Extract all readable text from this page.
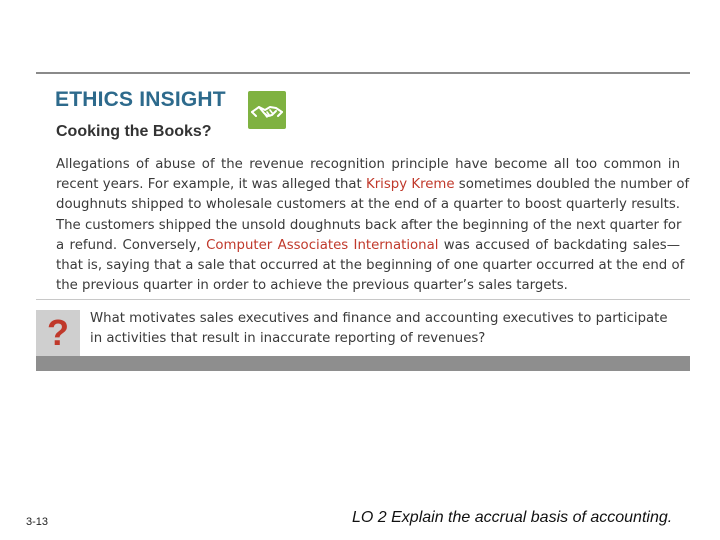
ETHICS INSIGHT
Cooking the Books?
Allegations of abuse of the revenue recognition principle have become all too common in
recent years. For example, it was alleged that Krispy Kreme sometimes doubled the number of
doughnuts shipped to wholesale customers at the end of a quarter to boost quarterly results.
The customers shipped the unsold doughnuts back after the beginning of the next quarter for
a refund. Conversely, Computer Associates International was accused of backdating sales—
that is, saying that a sale that occurred at the beginning of one quarter occurred at the end of
the previous quarter in order to achieve the previous quarter’s sales targets.
?	What motivates sales executives and finance and accounting executives to participate
in activities that result in inaccurate reporting of revenues?
3-13	LO 2 Explain the accrual basis of accounting.
